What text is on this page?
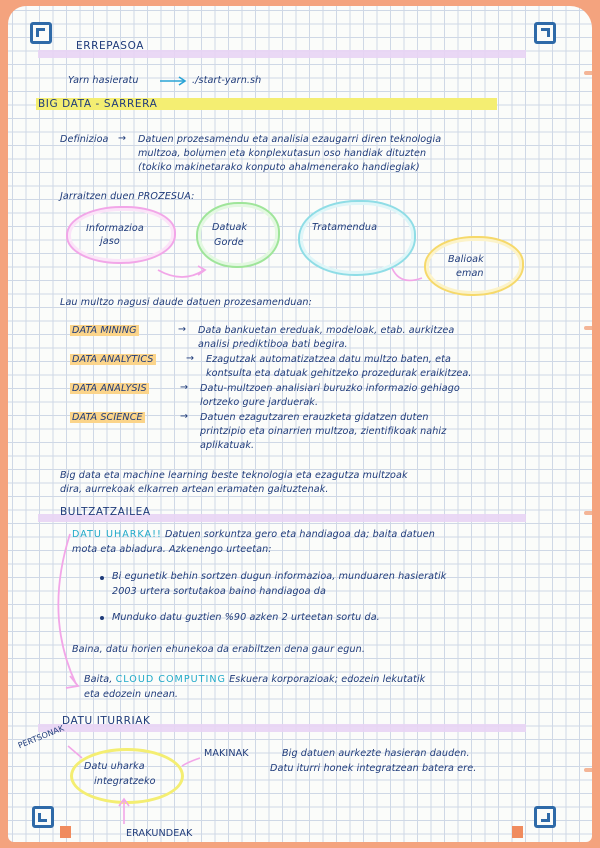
ERREPASOA
Yarn hasieratu	./start-yarn.sh
BIG DATA - SARRERA
Definizioa → Datuen prozesamendu eta analisia ezaugarri diren teknologia
multzoa, bolumen eta konplexutasun oso handiak dituzten
(tokiko makinetarako konputo ahalmenerako handiegiak)
Jarraitzen duen PROZESUA:
Informazioa
jaso
Datuak
Gorde
Tratamendua
Balioak
eman
Lau multzo nagusi daude datuen prozesamenduan:
DATA MINING	→ Data bankuetan ereduak, modeloak, etab. aurkitzea
analisi prediktiboa bati begira.
DATA ANALYTICS	→ Ezagutzak automatizatzea datu multzo baten, eta
kontsulta eta datuak gehitzeko prozedurak eraikitzea.
DATA ANALYSIS	→ Datu-multzoen analisiari buruzko informazio gehiago
lortzeko gure jarduerak.
DATA SCIENCE	→ Datuen ezagutzaren erauzketa gidatzen duten
printzipio eta oinarrien multzoa, zientifikoak nahiz
aplikatuak.
Big data eta machine learning beste teknologia eta ezagutza multzoak
dira, aurrekoak elkarren artean eramaten gaituztenak.
BULTZATZAILEA
DATU UHARKA!! Datuen sorkuntza gero eta handiagoa da; baita datuen
mota eta abiadura. Azkenengo urteetan:
Bi egunetik behin sortzen dugun informazioa, munduaren hasieratik
2003 urtera sortutakoa baino handiagoa da
Munduko datu guztien %90 azken 2 urteetan sortu da.
Baina, datu horien ehunekoa da erabiltzen dena gaur egun.
Baita, CLOUD COMPUTING Eskuera korporazioak; edozein lekutatik
eta edozein unean.
DATU ITURRIAK
PERTSONAK
Datu uharka
integratzeko
MAKINAK	Big datuen aurkezte hasieran dauden.
Datu iturri honek integratzean batera ere.
ERAKUNDEAK
